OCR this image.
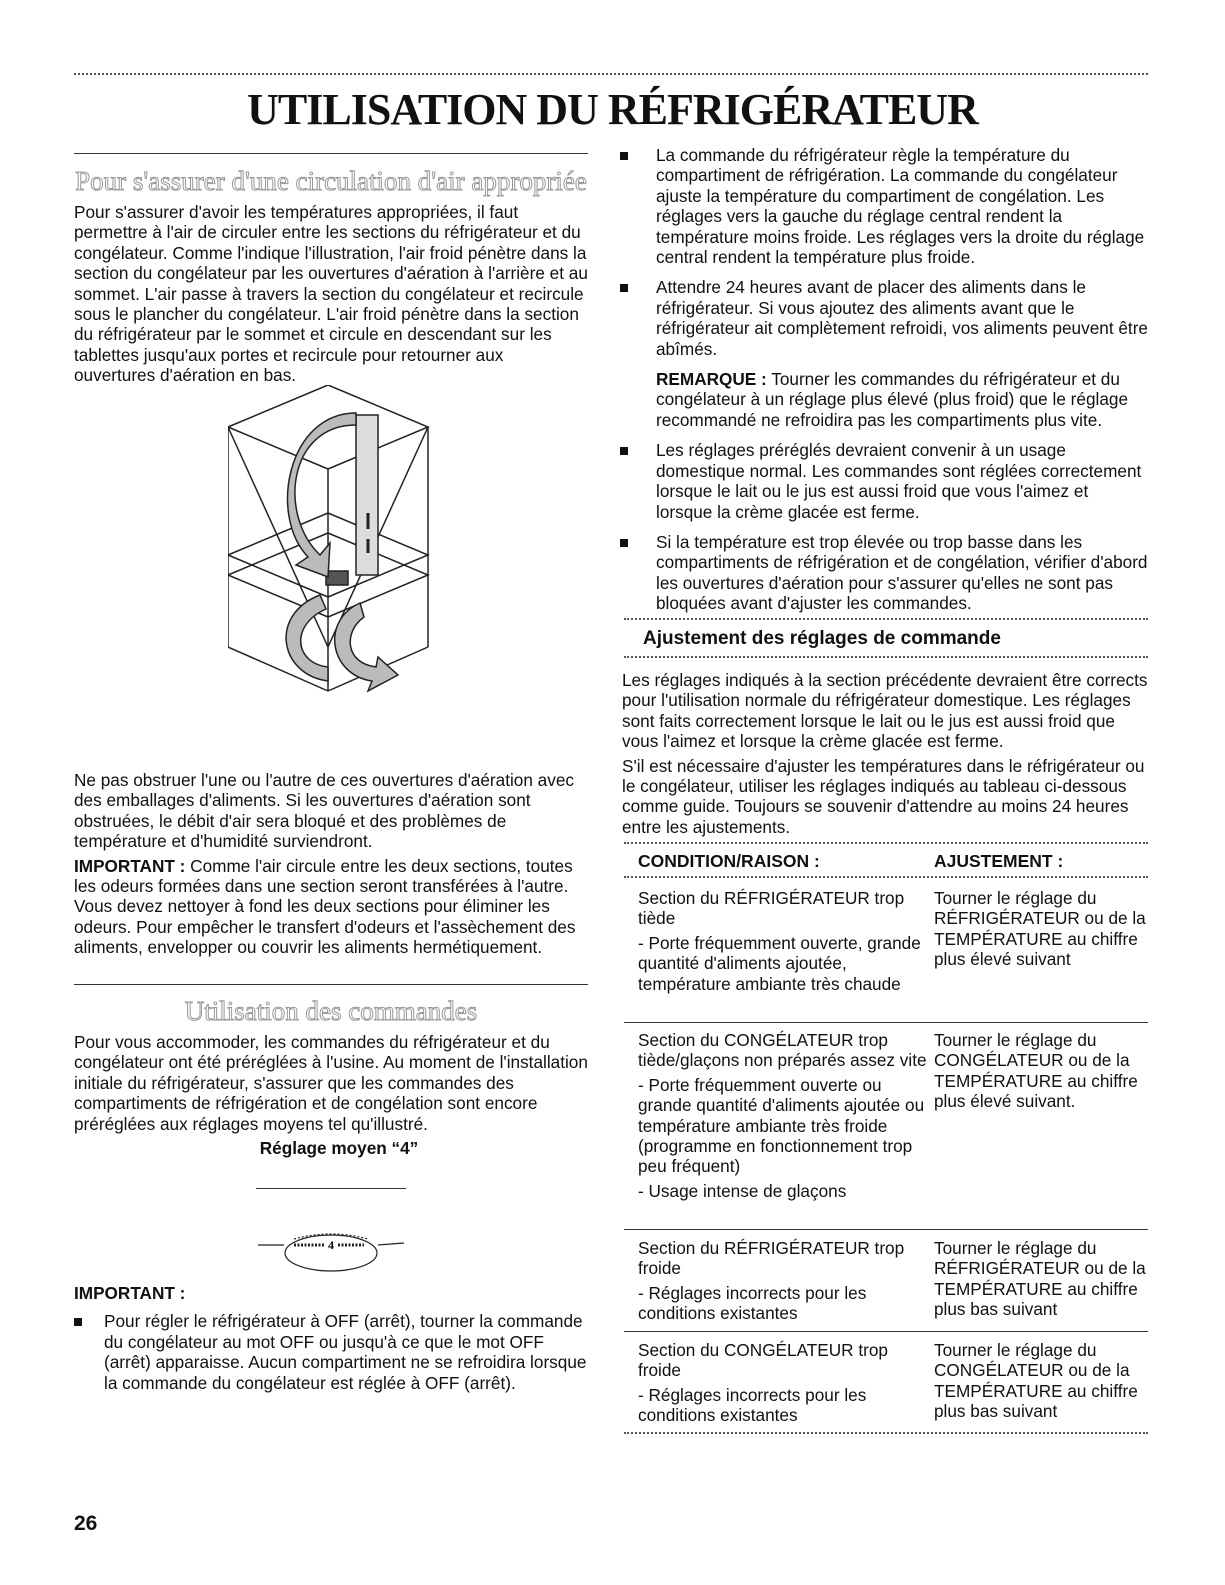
UTILISATION DU RÉFRIGÉRATEUR
Pour s'assurer d'une circulation d'air appropriée

Pour s'assurer d'avoir les températures appropriées, il faut permettre à l'air de circuler entre les sections du réfrigérateur et du congélateur. Comme l'indique l'illustration, l'air froid pénètre dans la section du congélateur par les ouvertures d'aération à l'arrière et au sommet. L'air passe à travers la section du congélateur et recircule sous le plancher du congélateur. L'air froid pénètre dans la section du réfrigérateur par le sommet et circule en descendant sur les tablettes jusqu'aux portes et recircule pour retourner aux ouvertures d'aération en bas.

Ne pas obstruer l'une ou l'autre de ces ouvertures d'aération avec des emballages d'aliments. Si les ouvertures d'aération sont obstruées, le débit d'air sera bloqué et des problèmes de température et d'humidité surviendront.

IMPORTANT : Comme l'air circule entre les deux sections, toutes les odeurs formées dans une section seront transférées à l'autre. Vous devez nettoyer à fond les deux sections pour éliminer les odeurs. Pour empêcher le transfert d'odeurs et l'assèchement des aliments, envelopper ou couvrir les aliments hermétiquement.

Utilisation des commandes

Pour vous accommoder, les commandes du réfrigérateur et du congélateur ont été préréglées à l'usine. Au moment de l'installation initiale du réfrigérateur, s'assurer que les commandes des compartiments de réfrigération et de congélation sont encore préréglées aux réglages moyens tel qu'illustré.

Réglage moyen “4”
4

IMPORTANT :

Pour régler le réfrigérateur à OFF (arrêt), tourner la commande du congélateur au mot OFF ou jusqu'à ce que le mot OFF (arrêt) apparaisse. Aucun compartiment ne se refroidira lorsque la commande du congélateur est réglée à OFF (arrêt).
La commande du réfrigérateur règle la température du compartiment de réfrigération. La commande du congélateur ajuste la température du compartiment de congélation. Les réglages vers la gauche du réglage central rendent la température moins froide. Les réglages vers la droite du réglage central rendent la température plus froide.
Attendre 24 heures avant de placer des aliments dans le réfrigérateur. Si vous ajoutez des aliments avant que le réfrigérateur ait complètement refroidi, vos aliments peuvent être abîmés.

REMARQUE : Tourner les commandes du réfrigérateur et du congélateur à un réglage plus élevé (plus froid) que le réglage recommandé ne refroidira pas les compartiments plus vite.

Les réglages préréglés devraient convenir à un usage domestique normal. Les commandes sont réglées correctement lorsque le lait ou le jus est aussi froid que vous l'aimez et lorsque la crème glacée est ferme.
Si la température est trop élevée ou trop basse dans les compartiments de réfrigération et de congélation, vérifier d'abord les ouvertures d'aération pour s'assurer qu'elles ne sont pas bloquées avant d'ajuster les commandes.
Ajustement des réglages de commande

Les réglages indiqués à la section précédente devraient être corrects pour l'utilisation normale du réfrigérateur domestique. Les réglages sont faits correctement lorsque le lait ou le jus est aussi froid que vous l'aimez et lorsque la crème glacée est ferme.

S'il est nécessaire d'ajuster les températures dans le réfrigérateur ou le congélateur, utiliser les réglages indiqués au tableau ci-dessous comme guide. Toujours se souvenir d'attendre au moins 24 heures entre les ajustements.

CONDITION/RAISON :	AJUSTEMENT :

Section du RÉFRIGÉRATEUR trop tiède

- Porte fréquemment ouverte, grande quantité d'aliments ajoutée, température ambiante très chaude

Tourner le réglage du RÉFRIGÉRATEUR ou de la TEMPÉRATURE au chiffre plus élevé suivant

Section du CONGÉLATEUR trop tiède/glaçons non préparés assez vite

- Porte fréquemment ouverte ou grande quantité d'aliments ajoutée ou température ambiante très froide (programme en fonctionnement trop peu fréquent)

- Usage intense de glaçons

Tourner le réglage du CONGÉLATEUR ou de la TEMPÉRATURE au chiffre plus élevé suivant.

Section du RÉFRIGÉRATEUR trop froide

- Réglages incorrects pour les conditions existantes

Tourner le réglage du RÉFRIGÉRATEUR ou de la TEMPÉRATURE au chiffre plus bas suivant

Section du CONGÉLATEUR trop froide

- Réglages incorrects pour les conditions existantes

Tourner le réglage du CONGÉLATEUR ou de la TEMPÉRATURE au chiffre plus bas suivant
26
